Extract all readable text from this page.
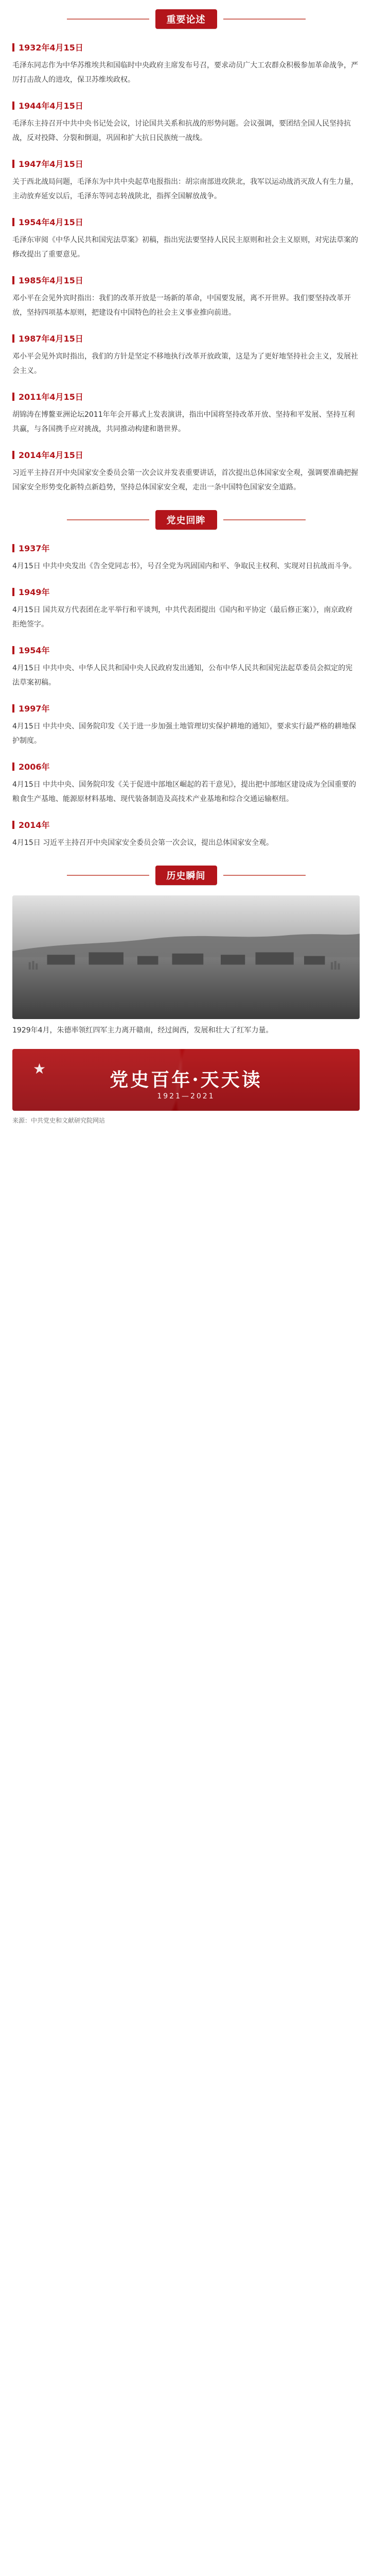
重要论述
1932年4月15日
毛泽东同志作为中华苏维埃共和国临时中央政府主席发布号召，要求动员广大工农群众积极参加革命战争，严厉打击敌人的进攻，保卫苏维埃政权。
1944年4月15日
毛泽东主持召开中共中央书记处会议，讨论国共关系和抗战的形势问题。会议强调，要团结全国人民坚持抗战，反对投降、分裂和倒退，巩固和扩大抗日民族统一战线。
1947年4月15日
关于西北战局问题，毛泽东为中共中央起草电报指出：胡宗南部进攻陕北，我军以运动战消灭敌人有生力量，主动放弃延安以后，毛泽东等同志转战陕北，指挥全国解放战争。
1954年4月15日
毛泽东审阅《中华人民共和国宪法草案》初稿，指出宪法要坚持人民民主原则和社会主义原则，对宪法草案的修改提出了重要意见。
1985年4月15日
邓小平在会见外宾时指出：我们的改革开放是一场新的革命，中国要发展，离不开世界。我们要坚持改革开放，坚持四项基本原则，把建设有中国特色的社会主义事业推向前进。
1987年4月15日
邓小平会见外宾时指出，我们的方针是坚定不移地执行改革开放政策，这是为了更好地坚持社会主义，发展社会主义。
2011年4月15日
胡锦涛在博鳌亚洲论坛2011年年会开幕式上发表演讲，指出中国将坚持改革开放、坚持和平发展、坚持互利共赢，与各国携手应对挑战，共同推动构建和谐世界。
2014年4月15日
习近平主持召开中央国家安全委员会第一次会议并发表重要讲话，首次提出总体国家安全观，强调要准确把握国家安全形势变化新特点新趋势，坚持总体国家安全观，走出一条中国特色国家安全道路。
党史回眸
1937年
4月15日 中共中央发出《告全党同志书》，号召全党为巩固国内和平、争取民主权利、实现对日抗战而斗争。
1949年
4月15日 国共双方代表团在北平举行和平谈判，中共代表团提出《国内和平协定（最后修正案）》，南京政府拒绝签字。
1954年
4月15日 中共中央、中华人民共和国中央人民政府发出通知，公布中华人民共和国宪法起草委员会拟定的宪法草案初稿。
1997年
4月15日 中共中央、国务院印发《关于进一步加强土地管理切实保护耕地的通知》，要求实行最严格的耕地保护制度。
2006年
4月15日 中共中央、国务院印发《关于促进中部地区崛起的若干意见》，提出把中部地区建设成为全国重要的粮食生产基地、能源原材料基地、现代装备制造及高技术产业基地和综合交通运输枢纽。
2014年
4月15日 习近平主持召开中央国家安全委员会第一次会议，提出总体国家安全观。
历史瞬间
1929年4月，朱德率领红四军主力离开赣南，经过闽西，发展和壮大了红军力量。
★
党史百年·天天读
1921—2021
来源：中共党史和文献研究院网站
